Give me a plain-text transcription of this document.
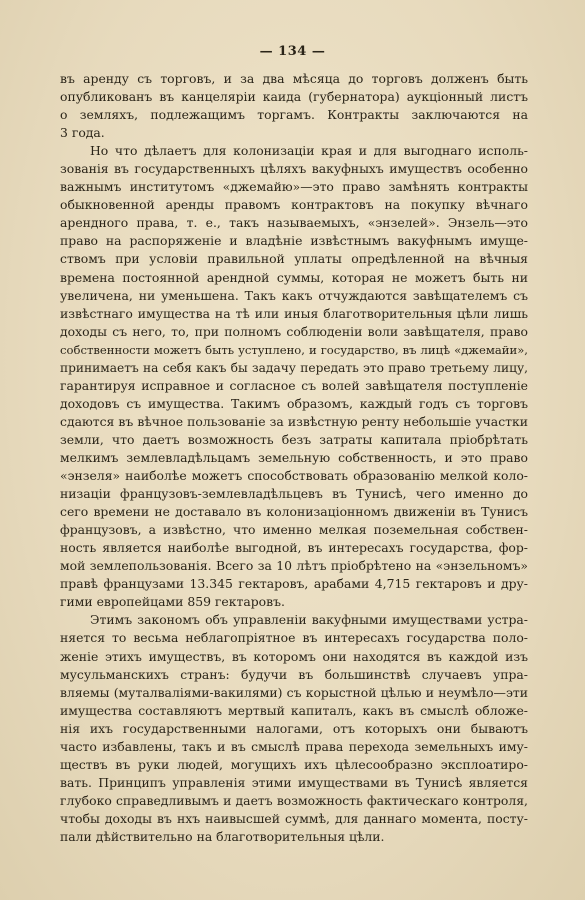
— 134 —
въ аренду съ торговъ, и за два мѣсяца до торговъ долженъ быть
опубликованъ въ канцеляріи каида (губернатора) аукціонный листъ
о земляхъ, подлежащимъ торгамъ. Контракты заключаются на
3 года.
Но что дѣлаетъ для колонизаціи края и для выгоднаго исполь-
зованія въ государственныхъ цѣляхъ вакуфныхъ имуществъ особенно
важнымъ институтомъ «джемайю»—это право замѣнять контракты
обыкновенной аренды правомъ контрактовъ на покупку вѣчнаго
арендного права, т. е., такъ называемыхъ, «энзелей». Энзель—это
право на распоряженіе и владѣніе извѣстнымъ вакуфнымъ имуще-
ствомъ при условіи правильной уплаты опредѣленной на вѣчныя
времена постоянной арендной суммы, которая не можетъ быть ни
увеличена, ни уменьшена. Такъ какъ отчуждаются завѣщателемъ съ
извѣстнаго имущества на тѣ или иныя благотворительныя цѣли лишь
доходы съ него, то, при полномъ соблюденіи воли завѣщателя, право
собственности можетъ быть уступлено, и государство, въ лицѣ «джемайи»,
принимаетъ на себя какъ бы задачу передать это право третьему лицу,
гарантируя исправное и согласное съ волей завѣщателя поступленіе
доходовъ съ имущества. Такимъ образомъ, каждый годъ съ торговъ
сдаются въ вѣчное пользованіе за извѣстную ренту небольшіе участки
земли, что даетъ возможность безъ затраты капитала пріобрѣтать
мелкимъ землевладѣльцамъ земельную собственность, и это право
«энзеля» наиболѣе можетъ способствовать образованію мелкой коло-
низаціи французовъ-землевладѣльцевъ въ Тунисѣ, чего именно до
сего времени не доставало въ колонизаціонномъ движеніи въ Тунисъ
французовъ, а извѣстно, что именно мелкая поземельная собствен-
ность является наиболѣе выгодной, въ интересахъ государства, фор-
мой землепользованія. Всего за 10 лѣтъ пріобрѣтено на «энзельномъ»
правѣ французами 13.345 гектаровъ, арабами 4,715 гектаровъ и дру-
гими европейцами 859 гектаровъ.
Этимъ закономъ объ управленіи вакуфными имуществами устра-
няется то весьма неблагопріятное въ интересахъ государства поло-
женіе этихъ имуществъ, въ которомъ они находятся въ каждой изъ
мусульманскихъ странъ: будучи въ большинствѣ случаевъ упра-
вляемы (муталваліями-вакилями) съ корыстной цѣлью и неумѣло—эти
имущества составляютъ мертвый капиталъ, какъ въ смыслѣ обложе-
нія ихъ государственными налогами, отъ которыхъ они бываютъ
часто избавлены, такъ и въ смыслѣ права перехода земельныхъ иму-
ществъ въ руки людей, могущихъ ихъ цѣлесообразно эксплоатиро-
вать. Принципъ управленія этими имуществами въ Тунисѣ является
глубоко справедливымъ и даетъ возможность фактическаго контроля,
чтобы доходы въ нхъ наивысшей суммѣ, для даннаго момента, посту-
пали дѣйствительно на благотворительныя цѣли.
